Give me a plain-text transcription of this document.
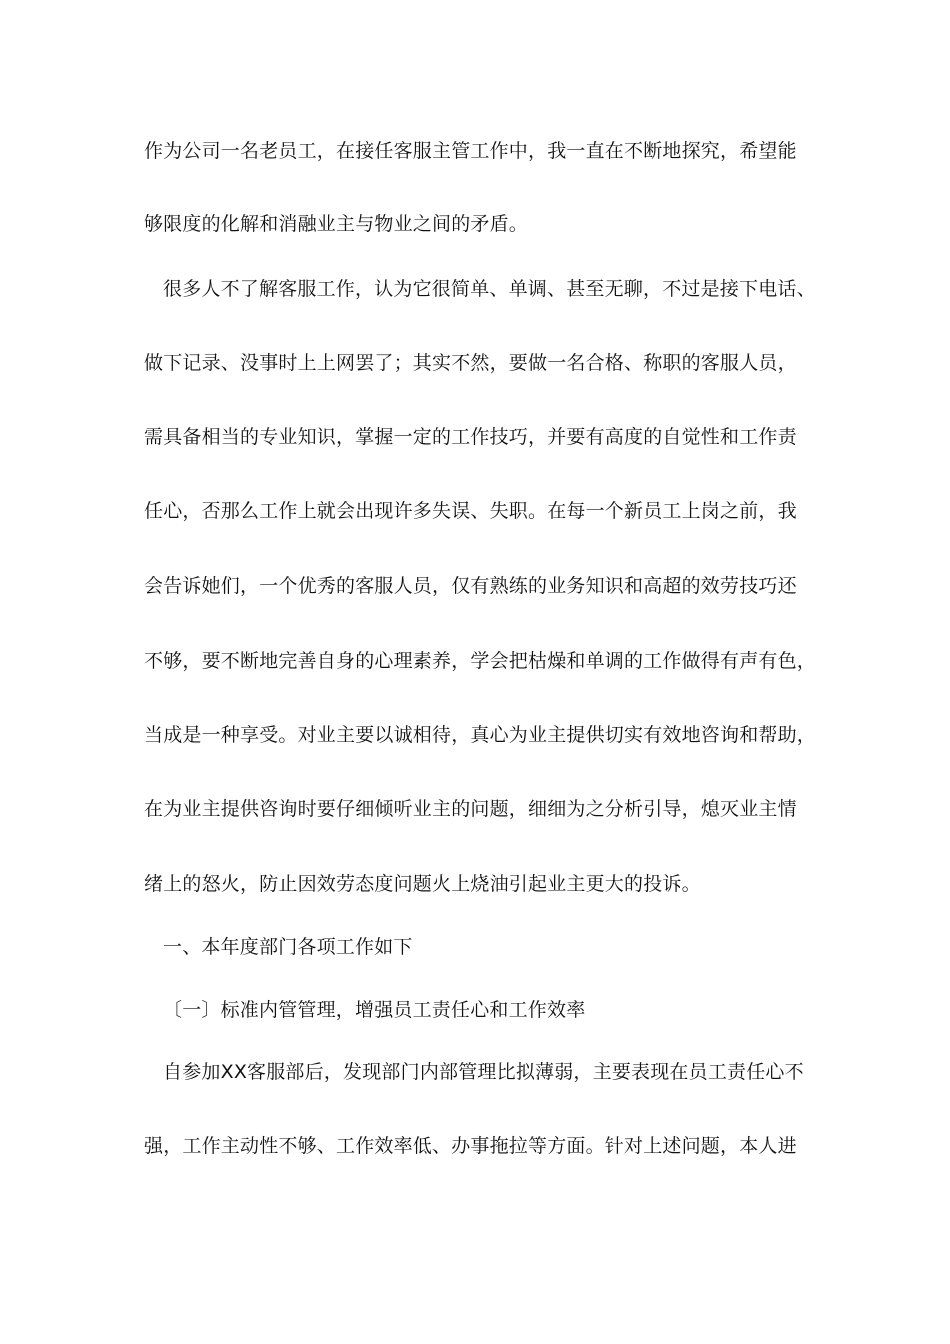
作为公司一名老员工，在接任客服主管工作中，我一直在不断地探究，希望能
够限度的化解和消融业主与物业之间的矛盾。
很多人不了解客服工作，认为它很简单、单调、甚至无聊，不过是接下电话、
做下记录、没事时上上网罢了；其实不然，要做一名合格、称职的客服人员，
需具备相当的专业知识，掌握一定的工作技巧，并要有高度的自觉性和工作责
任心，否那么工作上就会出现许多失误、失职。在每一个新员工上岗之前，我
会告诉她们，一个优秀的客服人员，仅有熟练的业务知识和高超的效劳技巧还
不够，要不断地完善自身的心理素养，学会把枯燥和单调的工作做得有声有色，
当成是一种享受。对业主要以诚相待，真心为业主提供切实有效地咨询和帮助，
在为业主提供咨询时要仔细倾听业主的问题，细细为之分析引导，熄灭业主情
绪上的怒火，防止因效劳态度问题火上烧油引起业主更大的投诉。
一、本年度部门各项工作如下
〔一〕标准内管管理，增强员工责任心和工作效率
自参加XX客服部后，发现部门内部管理比拟薄弱，主要表现在员工责任心不
强，工作主动性不够、工作效率低、办事拖拉等方面。针对上述问题，本人进
